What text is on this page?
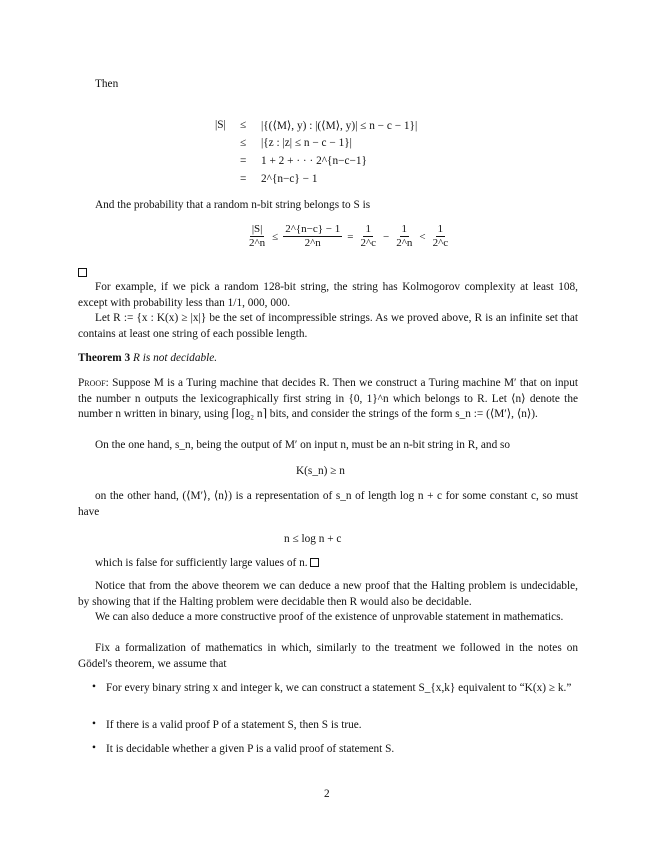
Then
|S| ≤ |{(⟨M⟩, y) : |(⟨M⟩, y)| ≤ n − c − 1}|
≤ |{z : |z| ≤ n − c − 1}|
= 1 + 2 + · · · 2^{n−c−1}
= 2^{n−c} − 1
And the probability that a random n-bit string belongs to S is
$\frac{|S|}{2\^{}n} \le \frac{2\^{}\{n-c\} - 1}{2\^{}n} = \frac{1}{2\^{}c} - \frac{1}{2\^{}n} < \frac{1}{2\^{}c}$
For example, if we pick a random 128-bit string, the string has Kolmogorov complexity at least 108, except with probability less than 1/1, 000, 000.
Let R := {x : K(x) ≥ |x|} be the set of incompressible strings. As we proved above, R is an infinite set that contains at least one string of each possible length.
Theorem 3 R is not decidable.
Proof: Suppose M is a Turing machine that decides R. Then we construct a Turing machine M′ that on input the number n outputs the lexicographically first string in {0, 1}^n which belongs to R. Let ⟨n⟩ denote the number n written in binary, using ⌈log₂ n⌉ bits, and consider the strings of the form s_n := (⟨M′⟩, ⟨n⟩).
On the one hand, s_n, being the output of M′ on input n, must be an n-bit string in R, and so
K(s_n) ≥ n
on the other hand, (⟨M′⟩, ⟨n⟩) is a representation of s_n of length log n + c for some constant c, so must have
n ≤ log n + c
which is false for sufficiently large values of n.
Notice that from the above theorem we can deduce a new proof that the Halting problem is undecidable, by showing that if the Halting problem were decidable then R would also be decidable.
We can also deduce a more constructive proof of the existence of unprovable statement in mathematics.
Fix a formalization of mathematics in which, similarly to the treatment we followed in the notes on Gödel's theorem, we assume that
• For every binary string x and integer k, we can construct a statement S_{x,k} equivalent to “K(x) ≥ k.”
• If there is a valid proof P of a statement S, then S is true.
• It is decidable whether a given P is a valid proof of statement S.
2
